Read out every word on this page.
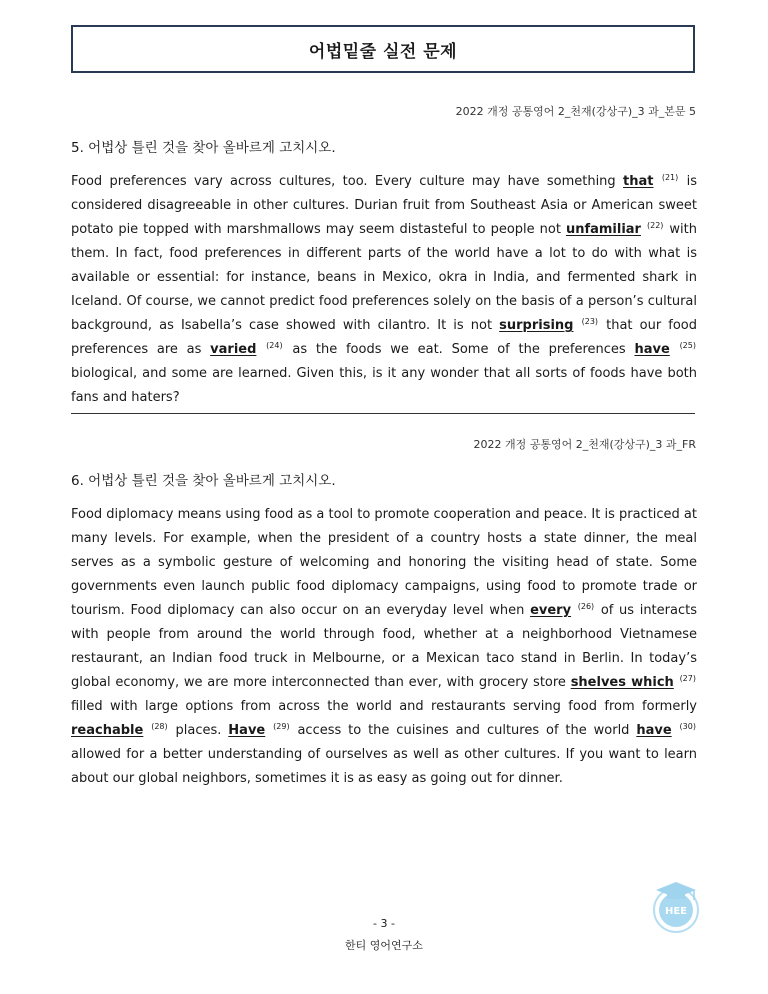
어법밑줄 실전 문제
2022 개정 공통영어 2_천재(강상구)_3 과_본문 5
5. 어법상 틀린 것을 찾아 올바르게 고치시오.
Food preferences vary across cultures, too. Every culture may have something that $^{(21)}$ is considered disagreeable in other cultures. Durian fruit from Southeast Asia or American sweet potato pie topped with marshmallows may seem distasteful to people not unfamiliar $^{(22)}$ with them. In fact, food preferences in different parts of the world have a lot to do with what is available or essential: for instance, beans in Mexico, okra in India, and fermented shark in Iceland. Of course, we cannot predict food preferences solely on the basis of a person’s cultural background, as Isabella’s case showed with cilantro. It is not surprising $^{(23)}$ that our food preferences are as varied $^{(24)}$ as the foods we eat. Some of the preferences have $^{(25)}$ biological, and some are learned. Given this, is it any wonder that all sorts of foods have both fans and haters?
2022 개정 공통영어 2_천재(강상구)_3 과_FR
6. 어법상 틀린 것을 찾아 올바르게 고치시오.
Food diplomacy means using food as a tool to promote cooperation and peace. It is practiced at many levels. For example, when the president of a country hosts a state dinner, the meal serves as a symbolic gesture of welcoming and honoring the visiting head of state. Some governments even launch public food diplomacy campaigns, using food to promote trade or tourism. Food diplomacy can also occur on an everyday level when every $^{(26)}$ of us interacts with people from around the world through food, whether at a neighborhood Vietnamese restaurant, an Indian food truck in Melbourne, or a Mexican taco stand in Berlin. In today’s global economy, we are more interconnected than ever, with grocery store shelves which $^{(27)}$ filled with large options from across the world and restaurants serving food from formerly reachable $^{(28)}$ places. Have $^{(29)}$ access to the cuisines and cultures of the world have $^{(30)}$ allowed for a better understanding of ourselves as well as other cultures. If you want to learn about our global neighbors, sometimes it is as easy as going out for dinner.
- 3 -
한티 영어연구소
HEE
